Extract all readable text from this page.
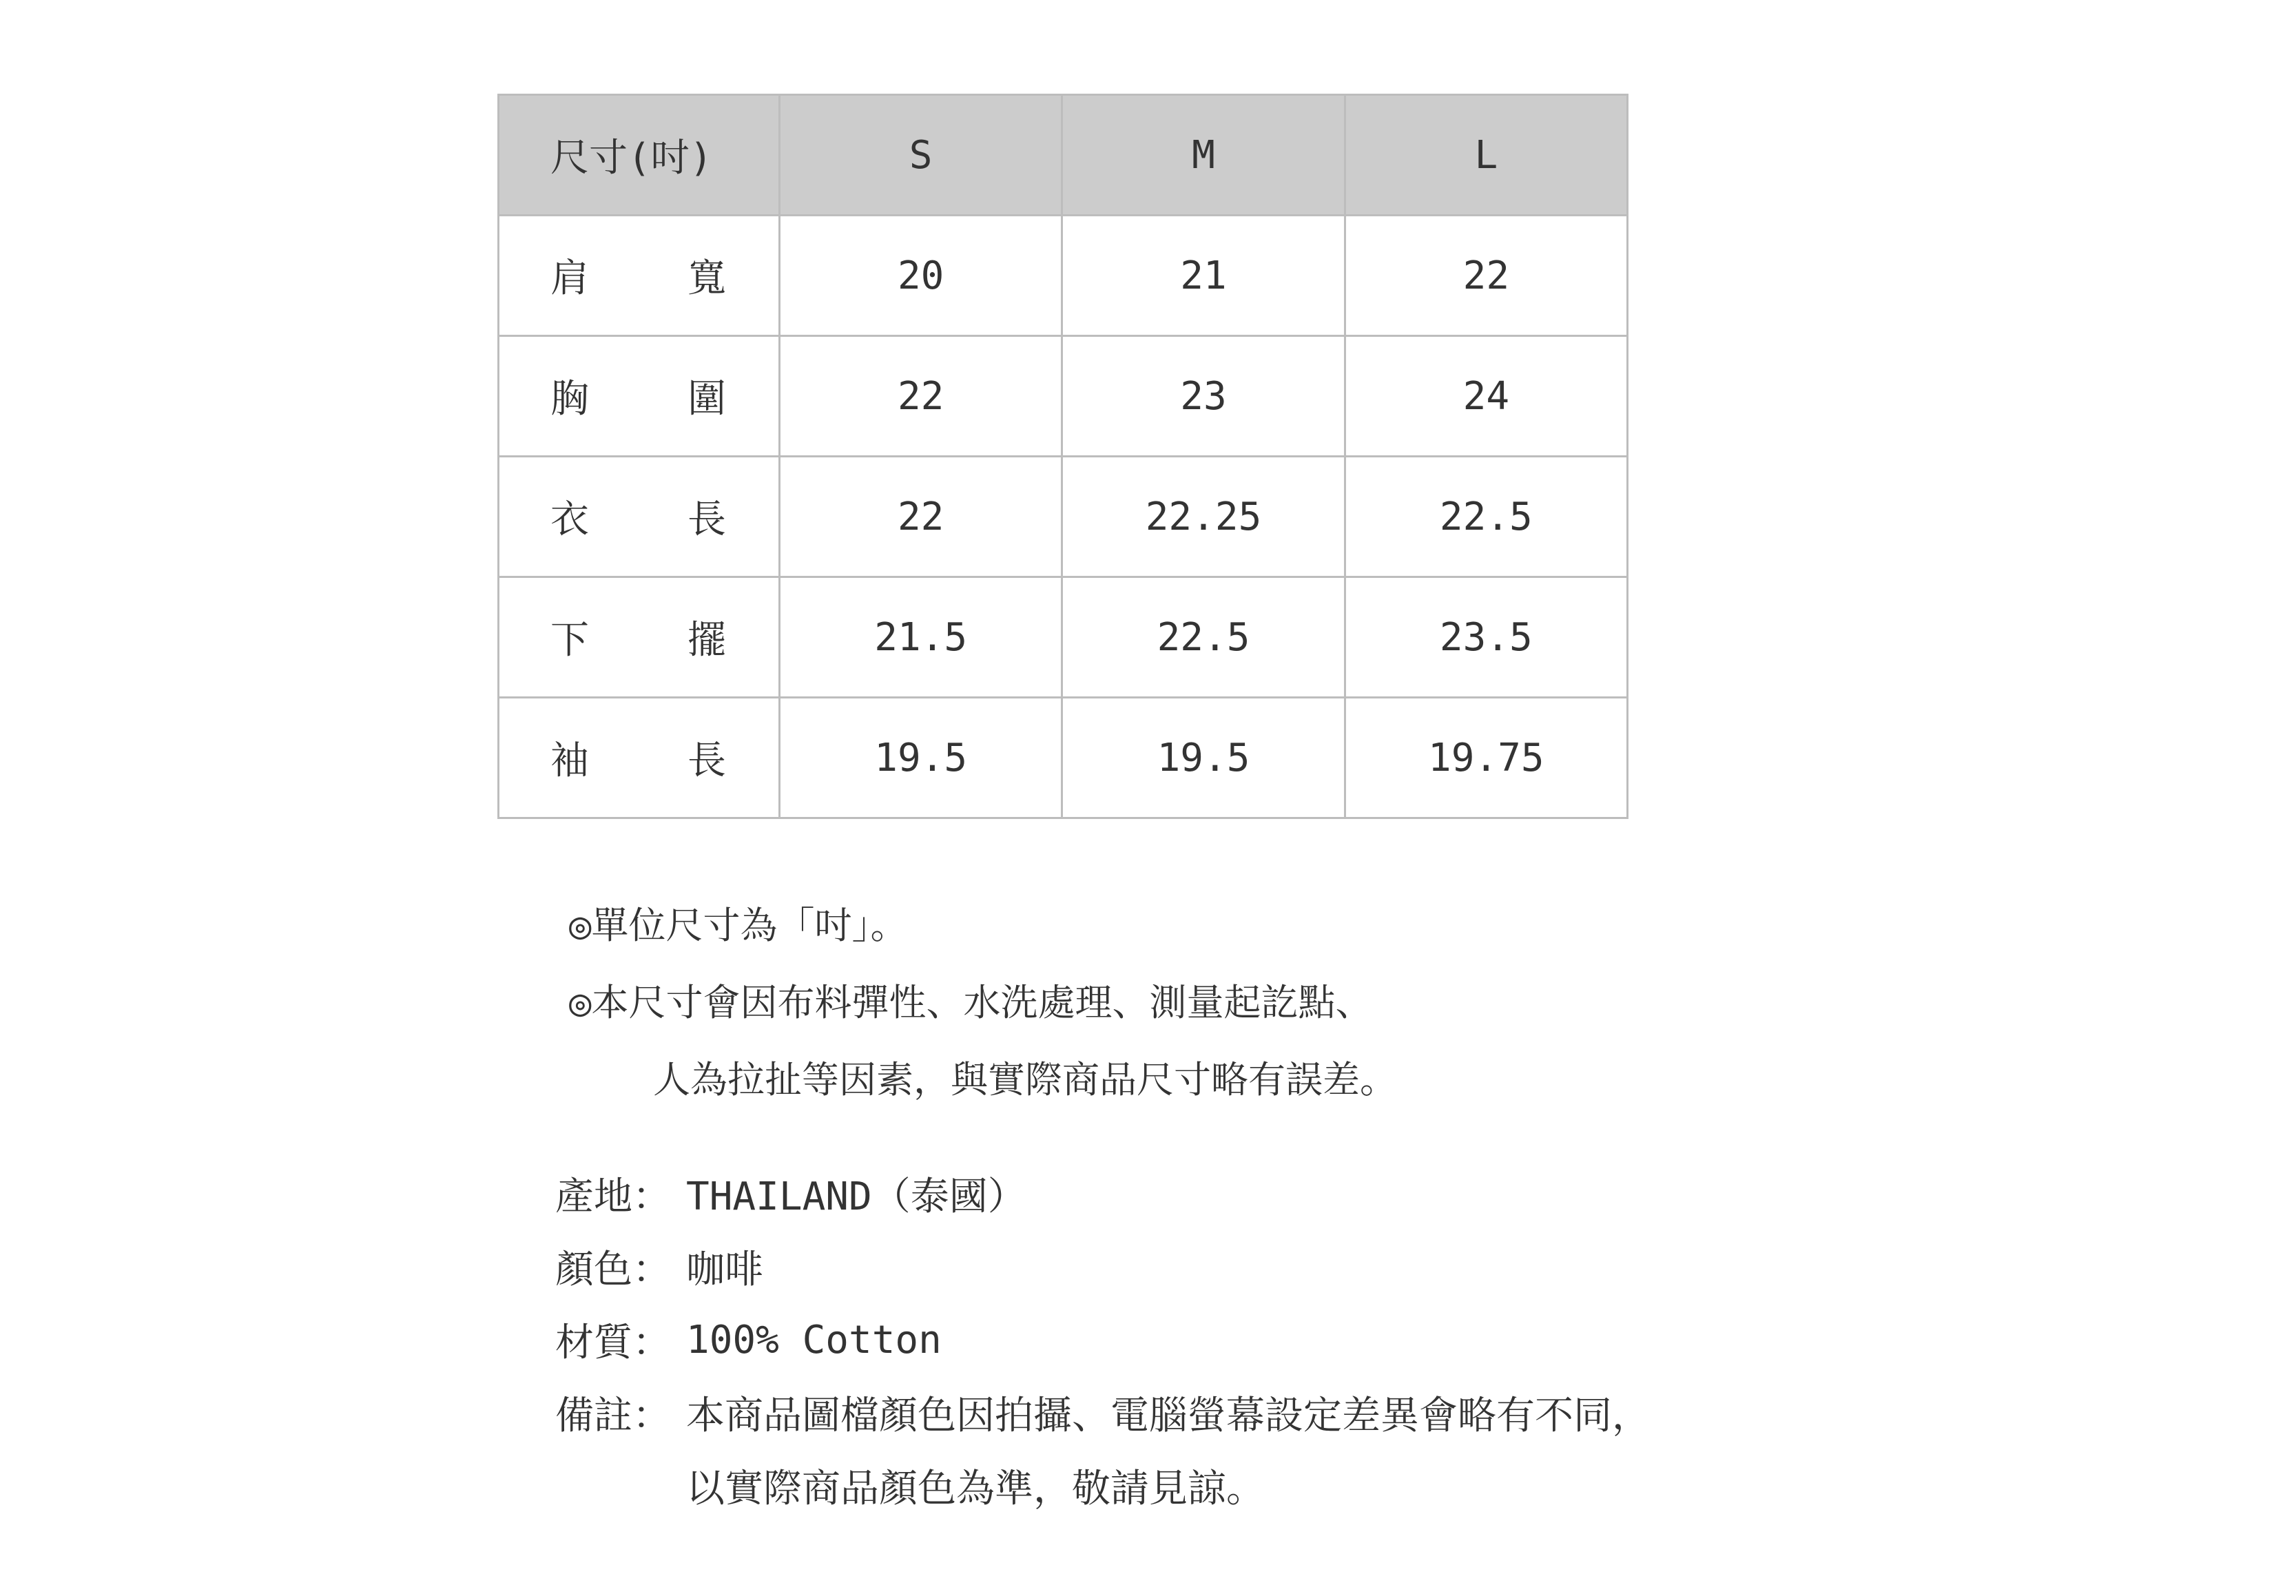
尺寸(吋)	S	M	L

肩 寬	20	21	22

胸 圍	22	23	24

衣 長	22	22.25	22.5

下 擺	21.5	22.5	23.5

袖 長	19.5	19.5	19.75
◎單位尺寸為「吋」。
◎本尺寸會因布料彈性、水洗處理、測量起訖點、
人為拉扯等因素，與實際商品尺寸略有誤差。
產地： THAILAND（泰國）
顏色： 咖啡
材質： 100% Cotton
備註： 本商品圖檔顏色因拍攝、電腦螢幕設定差異會略有不同，
以實際商品顏色為準，敬請見諒。
